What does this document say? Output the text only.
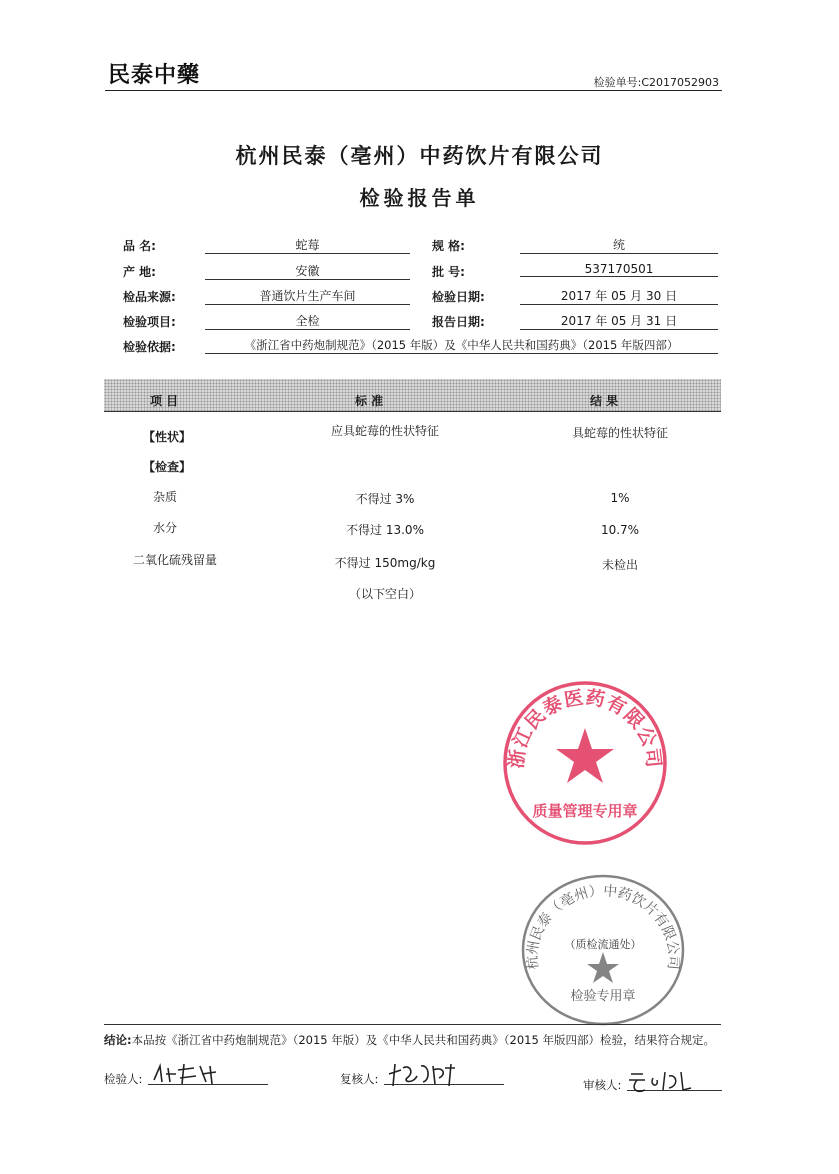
民泰中藥	检验单号:C2017052903
杭州民泰（亳州）中药饮片有限公司
检验报告单
品 名:	蛇莓	规 格:	统
产 地:	安徽	批 号:	537170501
检品来源:	普通饮片生产车间	检验日期:	2017 年 05 月 30 日
检验项目:	全检	报告日期:	2017 年 05 月 31 日
检验依据:	《浙江省中药炮制规范》（2015 年版）及《中华人民共和国药典》（2015 年版四部）
项 目	标 准	结 果
【性状】	应具蛇莓的性状特征	具蛇莓的性状特征
【检查】
杂质	不得过 3%	1%
水分	不得过 13.0%	10.7%
二氧化硫残留量	不得过 150mg/kg	未检出
（以下空白）
浙江民泰医药有限公司
质量管理专用章
杭州民泰（亳州）中药饮片有限公司
（质检流通处）
检验专用章
结论:本品按《浙江省中药炮制规范》（2015 年版）及《中华人民共和国药典》（2015 年版四部）检验，结果符合规定。
检验人:	复核人:	审核人:
